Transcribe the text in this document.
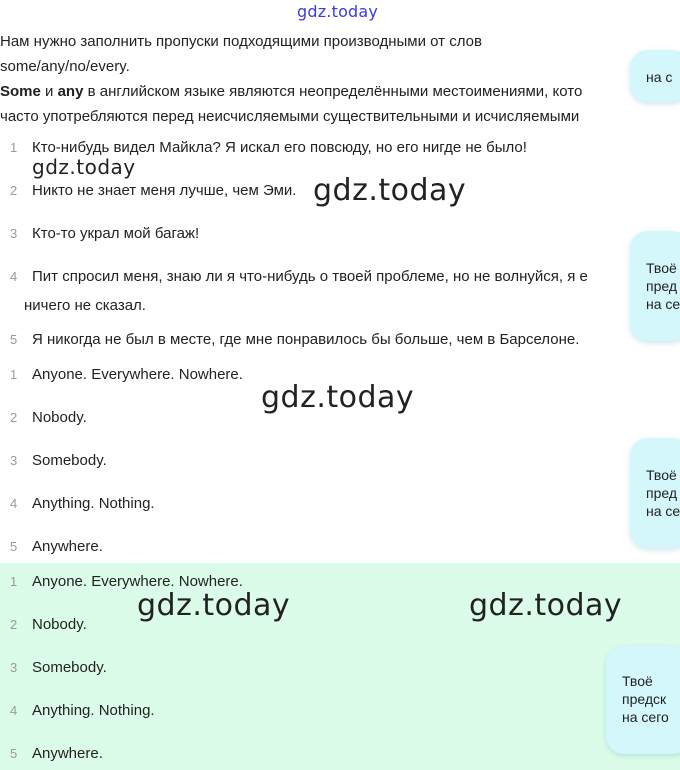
gdz.today

Нам нужно заполнить пропуски подходящими производными от слов

some/any/no/every.

Some и any в английском языке являются неопределёнными местоимениями, кото

часто употребляются перед неисчисляемыми существительными и исчисляемыми

1 Кто-нибудь видел Майкла? Я искал его повсюду, но его нигде не было!
2 Никто не знает меня лучше, чем Эми.
3 Кто-то украл мой багаж!
4 Пит спросил меня, знаю ли я что-нибудь о твоей проблеме, но не волнуйся, я е
ничего не сказал.
5 Я никогда не был в месте, где мне понравилось бы больше, чем в Барселоне.
1 Anyone. Everywhere. Nowhere.
2 Nobody.
3 Somebody.
4 Anything. Nothing.
5 Anywhere.
1 Anyone. Everywhere. Nowhere.
2 Nobody.
3 Somebody.
4 Anything. Nothing.
5 Anywhere.
gdz.today
gdz.today
gdz.today
gdz.today	gdz.today
на с
Твоё
пред
на се
Твоё
пред
на се
Твоё
предск
на сего
